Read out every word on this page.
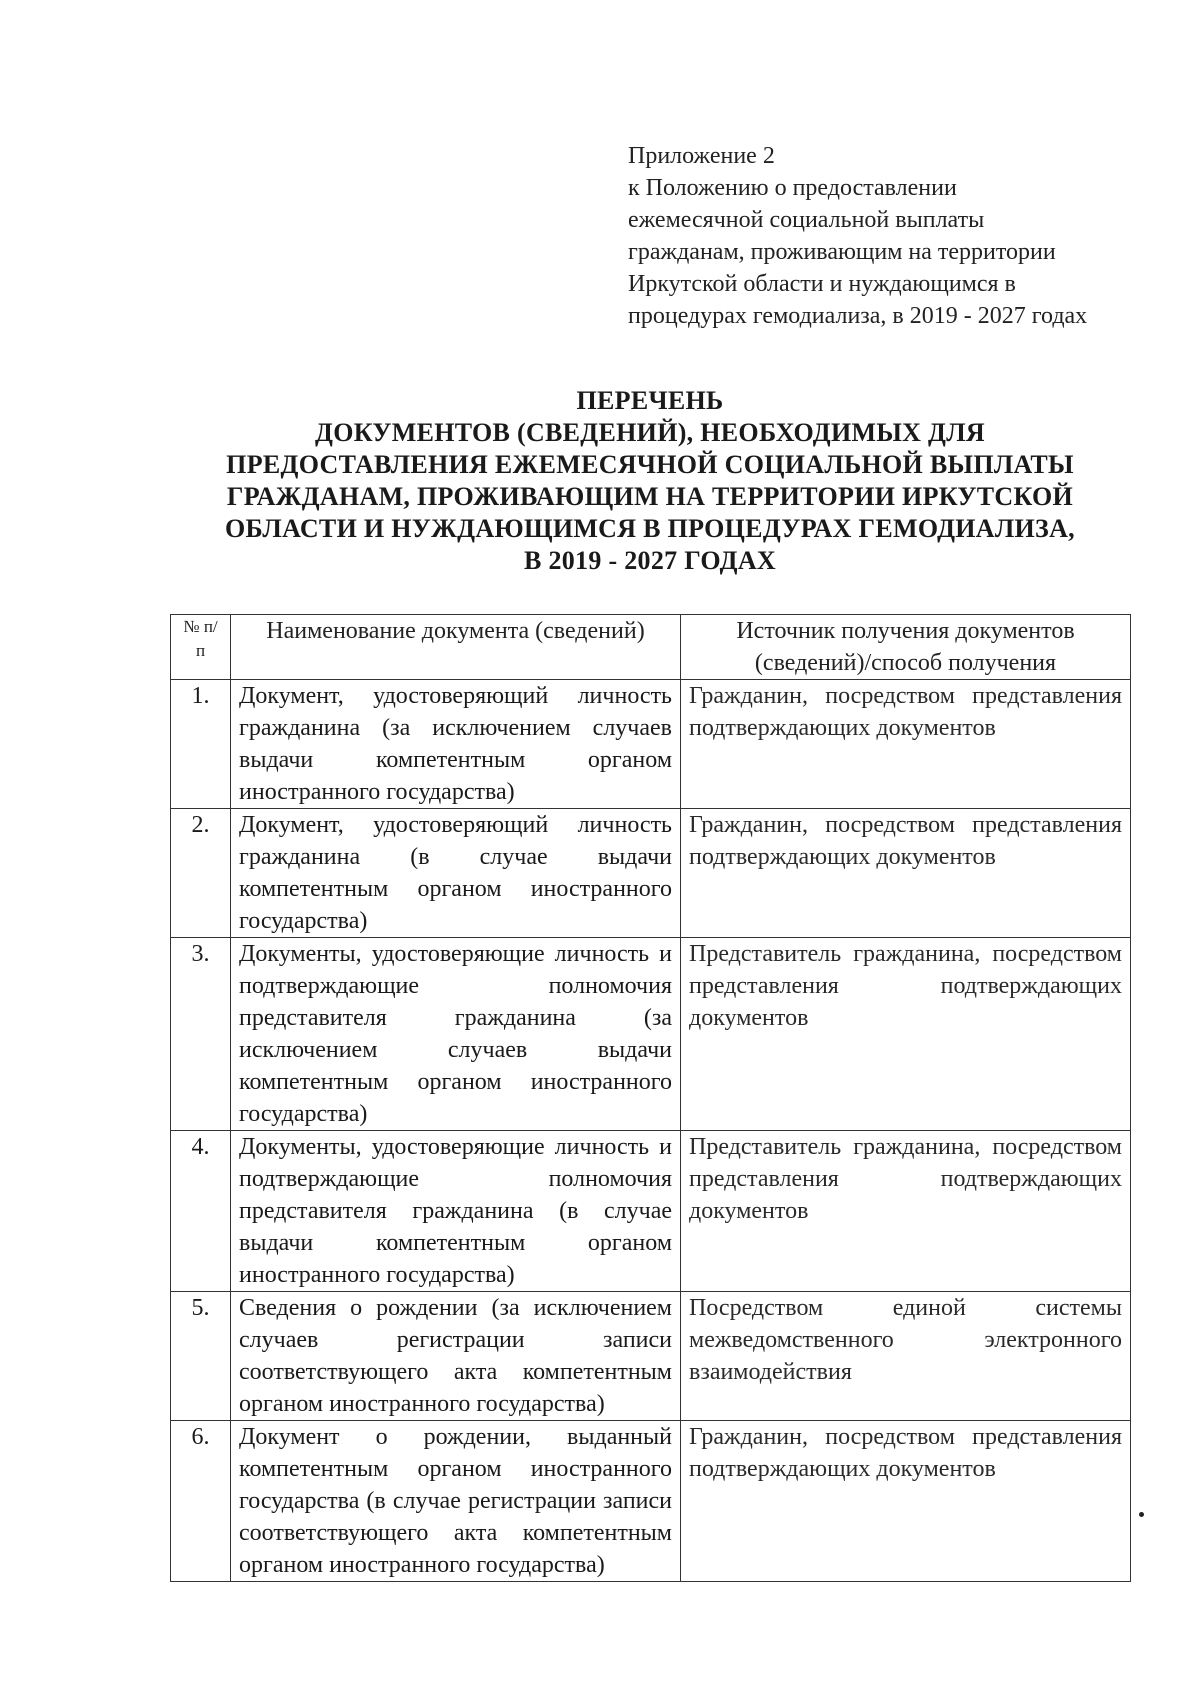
Приложение 2
к Положению о предоставлении
ежемесячной социальной выплаты
гражданам, проживающим на территории
Иркутской области и нуждающимся в
процедурах гемодиализа, в 2019 - 2027 годах
ПЕРЕЧЕНЬ
ДОКУМЕНТОВ (СВЕДЕНИЙ), НЕОБХОДИМЫХ ДЛЯ
ПРЕДОСТАВЛЕНИЯ ЕЖЕМЕСЯЧНОЙ СОЦИАЛЬНОЙ ВЫПЛАТЫ
ГРАЖДАНАМ, ПРОЖИВАЮЩИМ НА ТЕРРИТОРИИ ИРКУТСКОЙ
ОБЛАСТИ И НУЖДАЮЩИМСЯ В ПРОЦЕДУРАХ ГЕМОДИАЛИЗА,
В 2019 - 2027 ГОДАХ
№ п/п	Наименование документа (сведений)	Источник получения документов (сведений)/способ получения
1.	Документ, удостоверяющий личность гражданина (за исключением случаев выдачи компетентным органом иностранного государства)	Гражданин, посредством представления подтверждающих документов
2.	Документ, удостоверяющий личность гражданина (в случае выдачи компетентным органом иностранного государства)	Гражданин, посредством представления подтверждающих документов
3.	Документы, удостоверяющие личность и подтверждающие полномочия представителя гражданина (за исключением случаев выдачи компетентным органом иностранного государства)	Представитель гражданина, посредством представления подтверждающих документов
4.	Документы, удостоверяющие личность и подтверждающие полномочия представителя гражданина (в случае выдачи компетентным органом иностранного государства)	Представитель гражданина, посредством представления подтверждающих документов
5.	Сведения о рождении (за исключением случаев регистрации записи соответствующего акта компетентным органом иностранного государства)	Посредством единой системы межведомственного электронного взаимодействия
6.	Документ о рождении, выданный компетентным органом иностранного государства (в случае регистрации записи соответствующего акта компетентным органом иностранного государства)	Гражданин, посредством представления подтверждающих документов
